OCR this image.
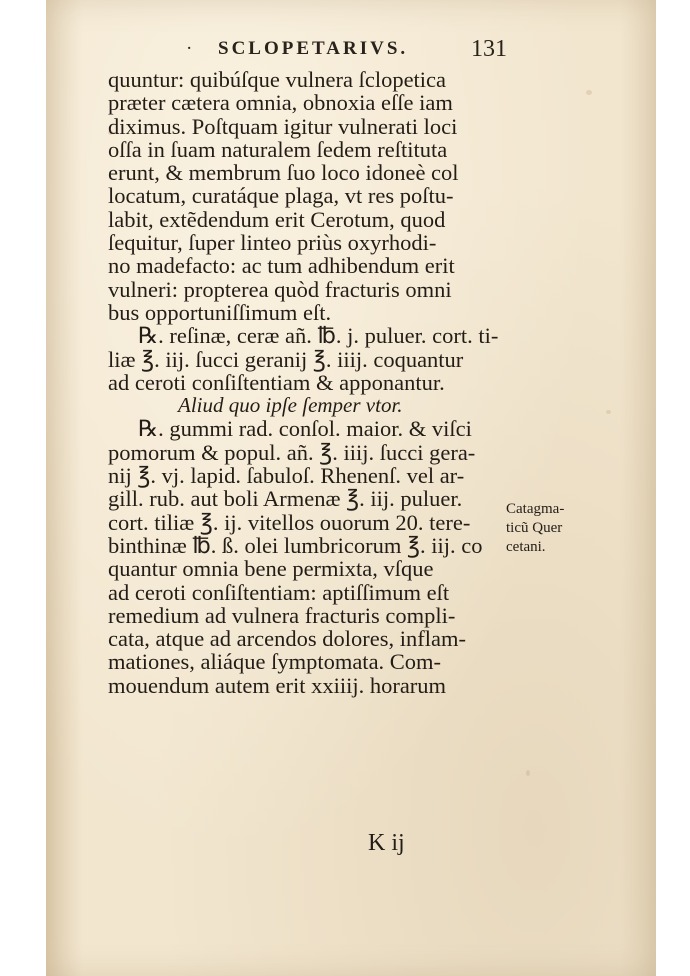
· SCLOPETARIVS.	131
quuntur: quibúſque vulnera ſclopetica
præter cætera omnia, obnoxia eſſe iam
diximus. Poſtquam igitur vulnerati loci
oſſa in ſuam naturalem ſedem reſtituta
erunt, & membrum ſuo loco idoneè col
locatum, curatáque plaga, vt res poſtu-
labit, extẽdendum erit Cerotum, quod
ſequitur, ſuper linteo priùs oxyrhodi-
no madefacto: ac tum adhibendum erit
vulneri: propterea quòd fracturis omni
bus opportuniſſimum eſt.
℞. reſinæ, ceræ añ. ℔. j. puluer. cort. ti-
liæ ℥. iij. ſucci geranij ℥. iiij. coquantur
ad ceroti conſiſtentiam & apponantur.
Aliud quo ipſe ſemper vtor.
℞. gummi rad. conſol. maior. & viſci
pomorum & popul. añ. ℥. iiij. ſucci gera-
nij ℥. vj. lapid. ſabuloſ. Rhenenſ. vel ar-
gill. rub. aut boli Armenæ ℥. iij. puluer.
cort. tiliæ ℥. ij. vitellos ouorum 20. tere-
binthinæ ℔. ß. olei lumbricorum ℥. iij. co
quantur omnia bene permixta, vſque
ad ceroti conſiſtentiam: aptiſſimum eſt
remedium ad vulnera fracturis compli-
cata, atque ad arcendos dolores, inflam-
mationes, aliáque ſymptomata. Com-
mouendum autem erit xxiiij. horarum
Catagma-
ticũ Quer
cetani.
K ij
